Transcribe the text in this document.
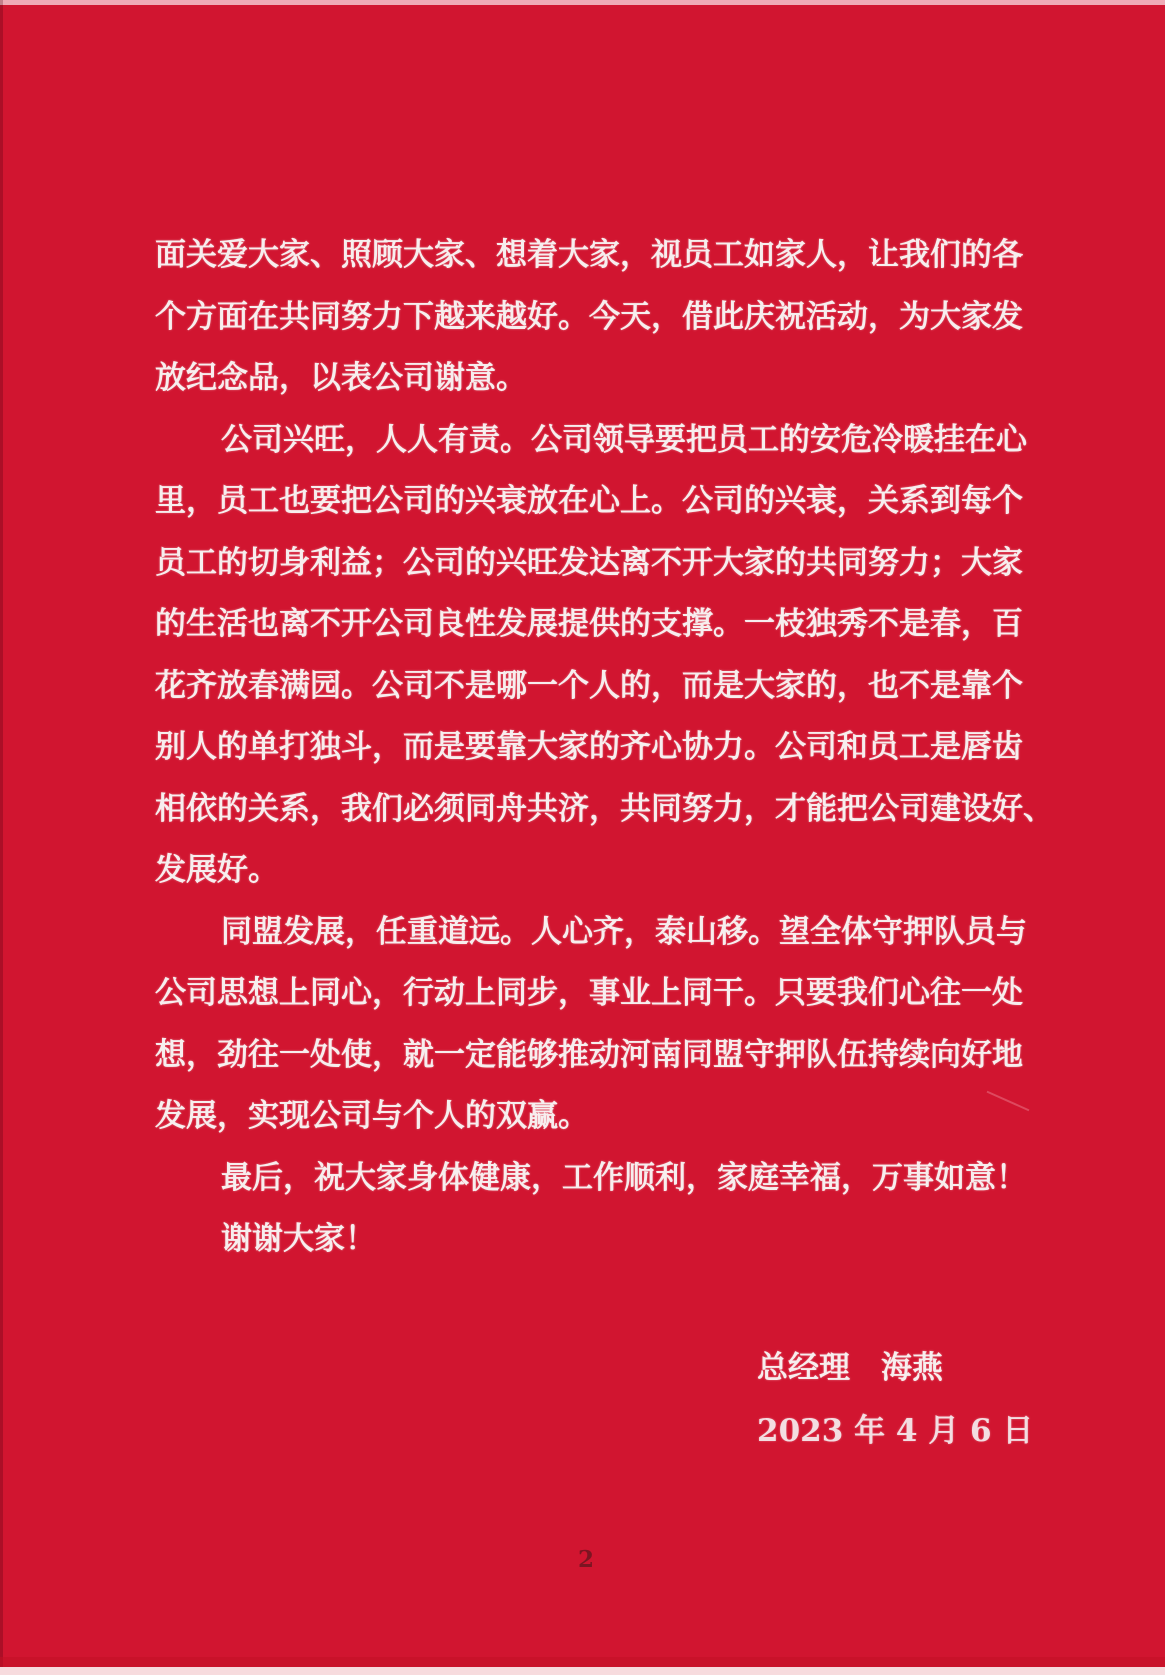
面关爱大家、照顾大家、想着大家，视员工如家人，让我们的各
个方面在共同努力下越来越好。今天，借此庆祝活动，为大家发
放纪念品，以表公司谢意。
公司兴旺，人人有责。公司领导要把员工的安危冷暖挂在心
里，员工也要把公司的兴衰放在心上。公司的兴衰，关系到每个
员工的切身利益；公司的兴旺发达离不开大家的共同努力；大家
的生活也离不开公司良性发展提供的支撑。一枝独秀不是春，百
花齐放春满园。公司不是哪一个人的，而是大家的，也不是靠个
别人的单打独斗，而是要靠大家的齐心协力。公司和员工是唇齿
相依的关系，我们必须同舟共济，共同努力，才能把公司建设好、
发展好。
同盟发展，任重道远。人心齐，泰山移。望全体守押队员与
公司思想上同心，行动上同步，事业上同干。只要我们心往一处
想，劲往一处使，就一定能够推动河南同盟守押队伍持续向好地
发展，实现公司与个人的双赢。
最后，祝大家身体健康，工作顺利，家庭幸福，万事如意！
谢谢大家！
总经理　海燕
2023 年 4 月 6 日
2
